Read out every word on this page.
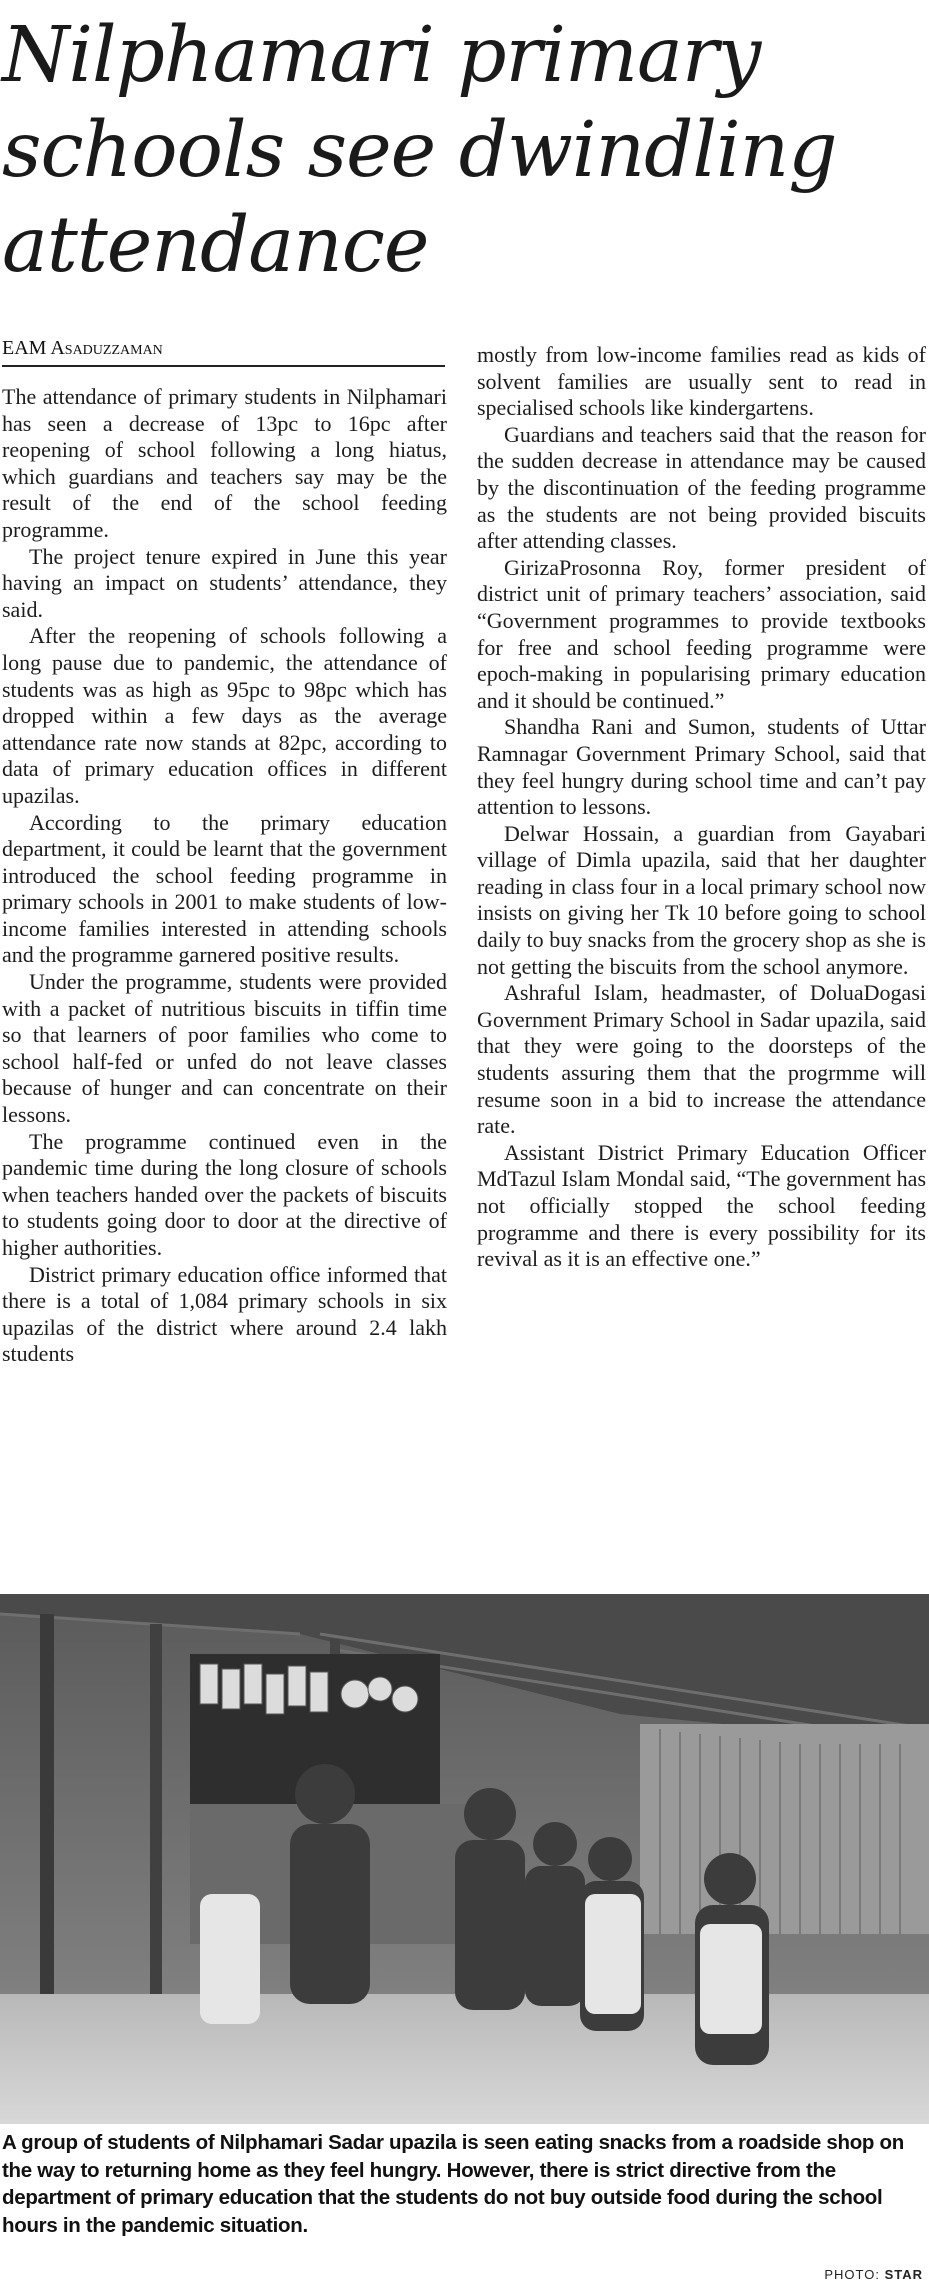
Nilphamari primary schools see dwindling attendance
EAM Asaduzzaman

The attendance of primary students in Nilphamari has seen a decrease of 13pc to 16pc after reopening of school following a long hiatus, which guardians and teachers say may be the result of the end of the school feeding programme.

The project tenure expired in June this year having an impact on students’ attendance, they said.

After the reopening of schools following a long pause due to pandemic, the attendance of students was as high as 95pc to 98pc which has dropped within a few days as the average attendance rate now stands at 82pc, according to data of primary education offices in different upazilas.

According to the primary education department, it could be learnt that the government introduced the school feeding programme in primary schools in 2001 to make students of low-income families interested in attending schools and the programme garnered positive results.

Under the programme, students were provided with a packet of nutritious biscuits in tiffin time so that learners of poor families who come to school half-fed or unfed do not leave classes because of hunger and can concentrate on their lessons.

The programme continued even in the pandemic time during the long closure of schools when teachers handed over the packets of biscuits to students going door to door at the directive of higher authorities.

District primary education office informed that there is a total of 1,084 primary schools in six upazilas of the district where around 2.4 lakh students

mostly from low-income families read as kids of solvent families are usually sent to read in specialised schools like kindergartens.

Guardians and teachers said that the reason for the sudden decrease in attendance may be caused by the discontinuation of the feeding programme as the students are not being provided biscuits after attending classes.

GirizaProsonna Roy, former president of district unit of primary teachers’ association, said “Government programmes to provide textbooks for free and school feeding programme were epoch-making in popularising primary education and it should be continued.”

Shandha Rani and Sumon, students of Uttar Ramnagar Government Primary School, said that they feel hungry during school time and can’t pay attention to lessons.

Delwar Hossain, a guardian from Gayabari village of Dimla upazila, said that her daughter reading in class four in a local primary school now insists on giving her Tk 10 before going to school daily to buy snacks from the grocery shop as she is not getting the biscuits from the school anymore.

Ashraful Islam, headmaster, of DoluaDogasi Government Primary School in Sadar upazila, said that they were going to the doorsteps of the students assuring them that the progrmme will resume soon in a bid to increase the attendance rate.

Assistant District Primary Education Officer MdTazul Islam Mondal said, “The government has not officially stopped the school feeding programme and there is every possibility for its revival as it is an effective one.”

A group of students of Nilphamari Sadar upazila is seen eating snacks from a roadside shop on the way to returning home as they feel hungry. However, there is strict directive from the department of primary education that the students do not buy outside food during the school hours in the pandemic situation.
PHOTO: STAR
